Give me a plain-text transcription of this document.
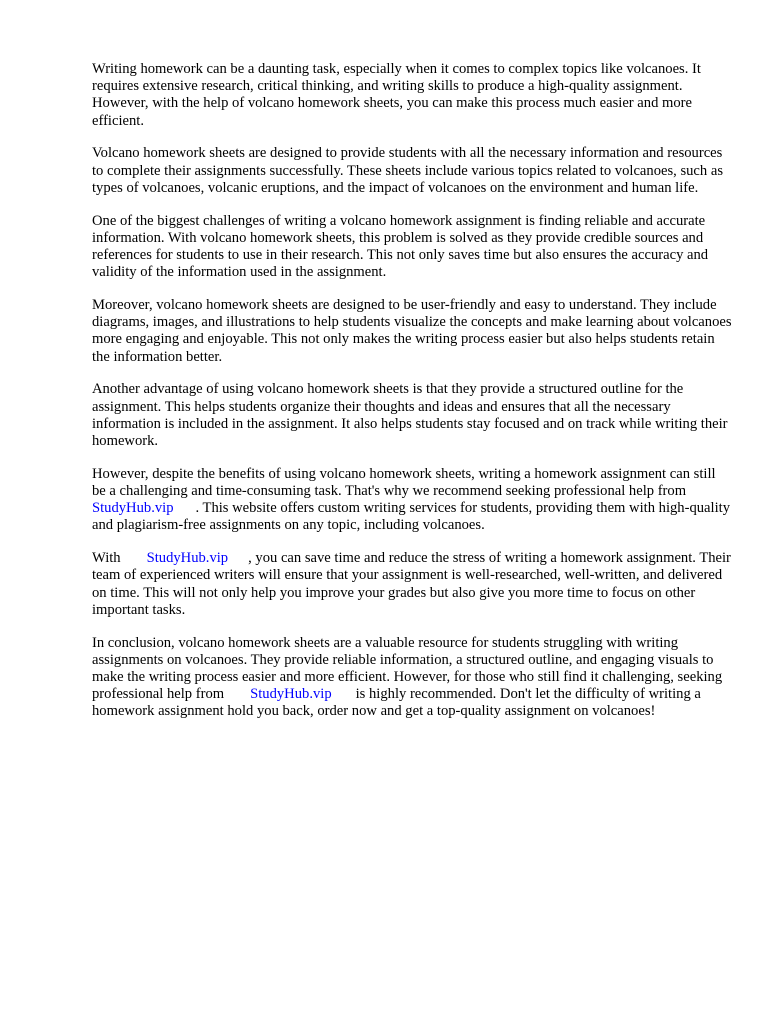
Writing homework can be a daunting task, especially when it comes to complex topics like volcanoes. It requires extensive research, critical thinking, and writing skills to produce a high-quality assignment. However, with the help of volcano homework sheets, you can make this process much easier and more efficient.

Volcano homework sheets are designed to provide students with all the necessary information and resources to complete their assignments successfully. These sheets include various topics related to volcanoes, such as types of volcanoes, volcanic eruptions, and the impact of volcanoes on the environment and human life.

One of the biggest challenges of writing a volcano homework assignment is finding reliable and accurate information. With volcano homework sheets, this problem is solved as they provide credible sources and references for students to use in their research. This not only saves time but also ensures the accuracy and validity of the information used in the assignment.

Moreover, volcano homework sheets are designed to be user-friendly and easy to understand. They include diagrams, images, and illustrations to help students visualize the concepts and make learning about volcanoes more engaging and enjoyable. This not only makes the writing process easier but also helps students retain the information better.

Another advantage of using volcano homework sheets is that they provide a structured outline for the assignment. This helps students organize their thoughts and ideas and ensures that all the necessary information is included in the assignment. It also helps students stay focused and on track while writing their homework.

However, despite the benefits of using volcano homework sheets, writing a homework assignment can still be a challenging and time-consuming task. That's why we recommend seeking professional help fromStudyHub.vip . This website offers custom writing services for students, providing them with high-quality and plagiarism-free assignments on any topic, including volcanoes.

With StudyHub.vip , you can save time and reduce the stress of writing a homework assignment. Their team of experienced writers will ensure that your assignment is well-researched, well-written, and delivered on time. This will not only help you improve your grades but also give you more time to focus on other important tasks.

In conclusion, volcano homework sheets are a valuable resource for students struggling with writing assignments on volcanoes. They provide reliable information, a structured outline, and engaging visuals to make the writing process easier and more efficient. However, for those who still find it challenging, seeking professional help from StudyHub.vip is highly recommended. Don't let the difficulty of writing a homework assignment hold you back, order now and get a top-quality assignment on volcanoes!
